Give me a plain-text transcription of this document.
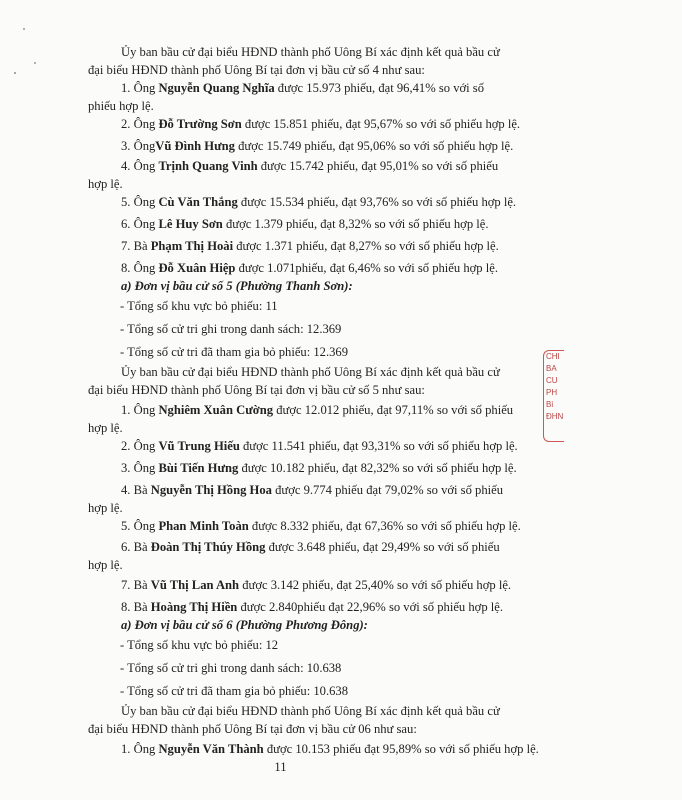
Ủy ban bầu cử đại biểu HĐND thành phố Uông Bí xác định kết quả bầu cử

đại biểu HĐND thành phố Uông Bí tại đơn vị bầu cử số 4 như sau:

1. Ông Nguyễn Quang Nghĩa được 15.973 phiếu, đạt 96,41% so với số

phiếu hợp lệ.

2. Ông Đỗ Trường Sơn được 15.851 phiếu, đạt 95,67% so với số phiếu hợp lệ.

3. ÔngVũ Đình Hưng được 15.749 phiếu, đạt 95,06% so với số phiếu hợp lệ.

4. Ông Trịnh Quang Vinh được 15.742 phiếu, đạt 95,01% so với số phiếu

hợp lệ.

5. Ông Cù Văn Thắng được 15.534 phiếu, đạt 93,76% so với số phiếu hợp lệ.

6. Ông Lê Huy Sơn được 1.379 phiếu, đạt 8,32% so với số phiếu hợp lệ.

7. Bà Phạm Thị Hoài được 1.371 phiếu, đạt 8,27% so với số phiếu hợp lệ.

8. Ông Đỗ Xuân Hiệp được 1.071phiếu, đạt 6,46% so với số phiếu hợp lệ.

a) Đơn vị bầu cử số 5 (Phường Thanh Sơn):

- Tổng số khu vực bỏ phiếu: 11

- Tổng số cử tri ghi trong danh sách: 12.369

- Tổng số cử tri đã tham gia bỏ phiếu: 12.369

Ủy ban bầu cử đại biểu HĐND thành phố Uông Bí xác định kết quả bầu cử

đại biểu HĐND thành phố Uông Bí tại đơn vị bầu cử số 5 như sau:

1. Ông Nghiêm Xuân Cường được 12.012 phiếu, đạt 97,11% so với số phiếu

hợp lệ.

2. Ông Vũ Trung Hiếu được 11.541 phiếu, đạt 93,31% so với số phiếu hợp lệ.

3. Ông Bùi Tiến Hưng được 10.182 phiếu, đạt 82,32% so với số phiếu hợp lệ.

4. Bà Nguyễn Thị Hồng Hoa được 9.774 phiếu đạt 79,02% so với số phiếu

hợp lệ.

5. Ông Phan Minh Toàn được 8.332 phiếu, đạt 67,36% so với số phiếu hợp lệ.

6. Bà Đoàn Thị Thúy Hồng được 3.648 phiếu, đạt 29,49% so với số phiếu

hợp lệ.

7. Bà Vũ Thị Lan Anh được 3.142 phiếu, đạt 25,40% so với số phiếu hợp lệ.

8. Bà Hoàng Thị Hiền được 2.840phiếu đạt 22,96% so với số phiếu hợp lệ.

a) Đơn vị bầu cử số 6 (Phường Phương Đông):

- Tổng số khu vực bỏ phiếu: 12

- Tổng số cử tri ghi trong danh sách: 10.638

- Tổng số cử tri đã tham gia bỏ phiếu: 10.638

Ủy ban bầu cử đại biểu HĐND thành phố Uông Bí xác định kết quả bầu cử

đại biểu HĐND thành phố Uông Bí tại đơn vị bầu cử 06 như sau:

1. Ông Nguyễn Văn Thành được 10.153 phiếu đạt 95,89% so với số phiếu hợp lệ.

11
CHI
BA
CU
PH
Bi
ĐHN
